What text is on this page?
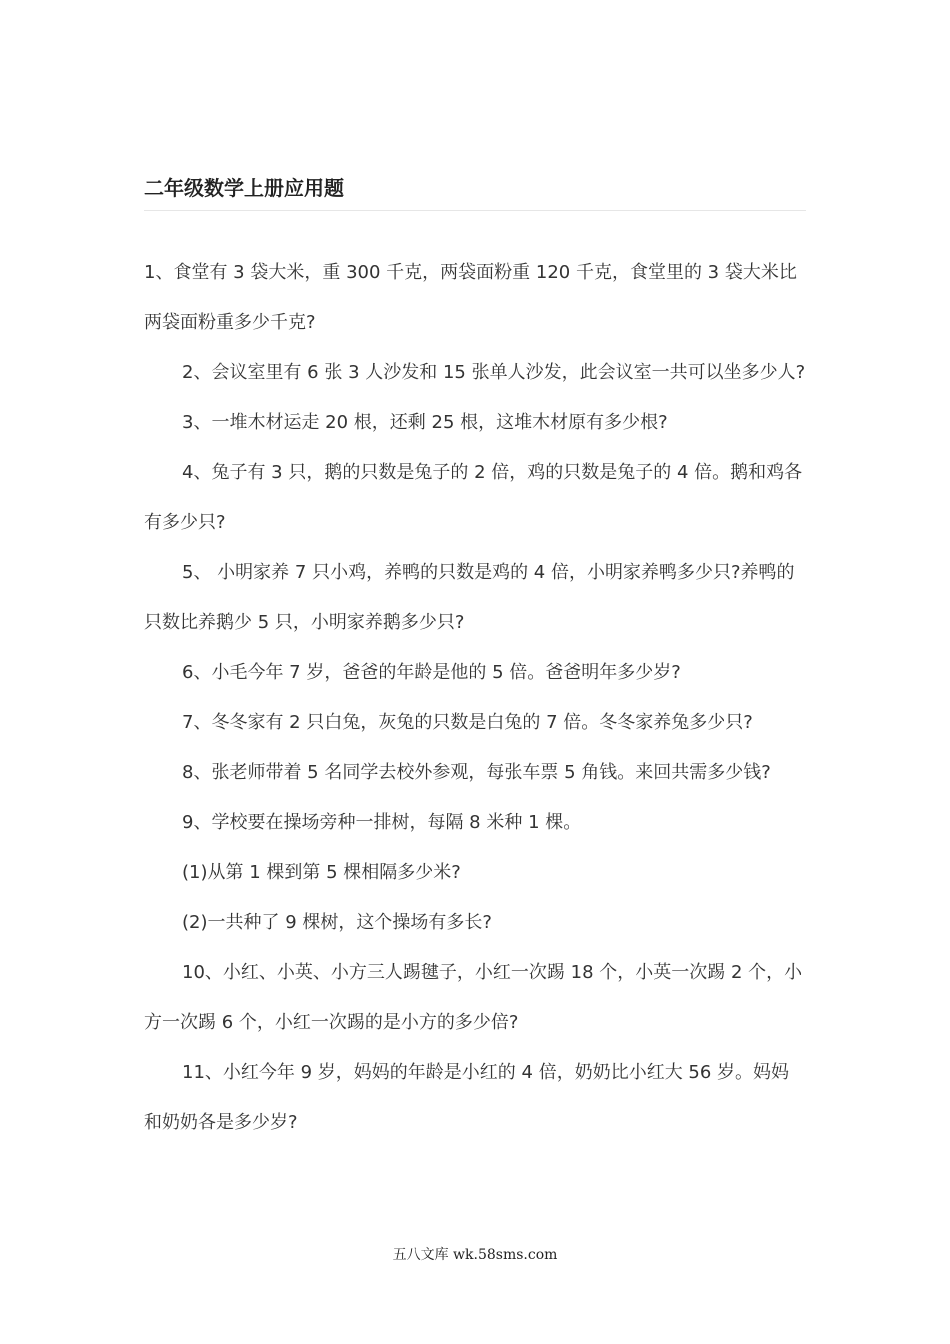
二年级数学上册应用题

1、食堂有 3 袋大米，重 300 千克，两袋面粉重 120 千克，食堂里的 3 袋大米比两袋面粉重多少千克?

2、会议室里有 6 张 3 人沙发和 15 张单人沙发，此会议室一共可以坐多少人?

3、一堆木材运走 20 根，还剩 25 根，这堆木材原有多少根?

4、兔子有 3 只，鹅的只数是兔子的 2 倍，鸡的只数是兔子的 4 倍。鹅和鸡各有多少只?

5、 小明家养 7 只小鸡，养鸭的只数是鸡的 4 倍，小明家养鸭多少只?养鸭的只数比养鹅少 5 只，小明家养鹅多少只?

6、小毛今年 7 岁，爸爸的年龄是他的 5 倍。爸爸明年多少岁?

7、冬冬家有 2 只白兔，灰兔的只数是白兔的 7 倍。冬冬家养兔多少只?

8、张老师带着 5 名同学去校外参观，每张车票 5 角钱。来回共需多少钱?

9、学校要在操场旁种一排树，每隔 8 米种 1 棵。

(1)从第 1 棵到第 5 棵相隔多少米?

(2)一共种了 9 棵树，这个操场有多长?

10、小红、小英、小方三人踢毽子，小红一次踢 18 个，小英一次踢 2 个，小方一次踢 6 个，小红一次踢的是小方的多少倍?

11、小红今年 9 岁，妈妈的年龄是小红的 4 倍，奶奶比小红大 56 岁。妈妈和奶奶各是多少岁?

五八文库 wk.58sms.com
